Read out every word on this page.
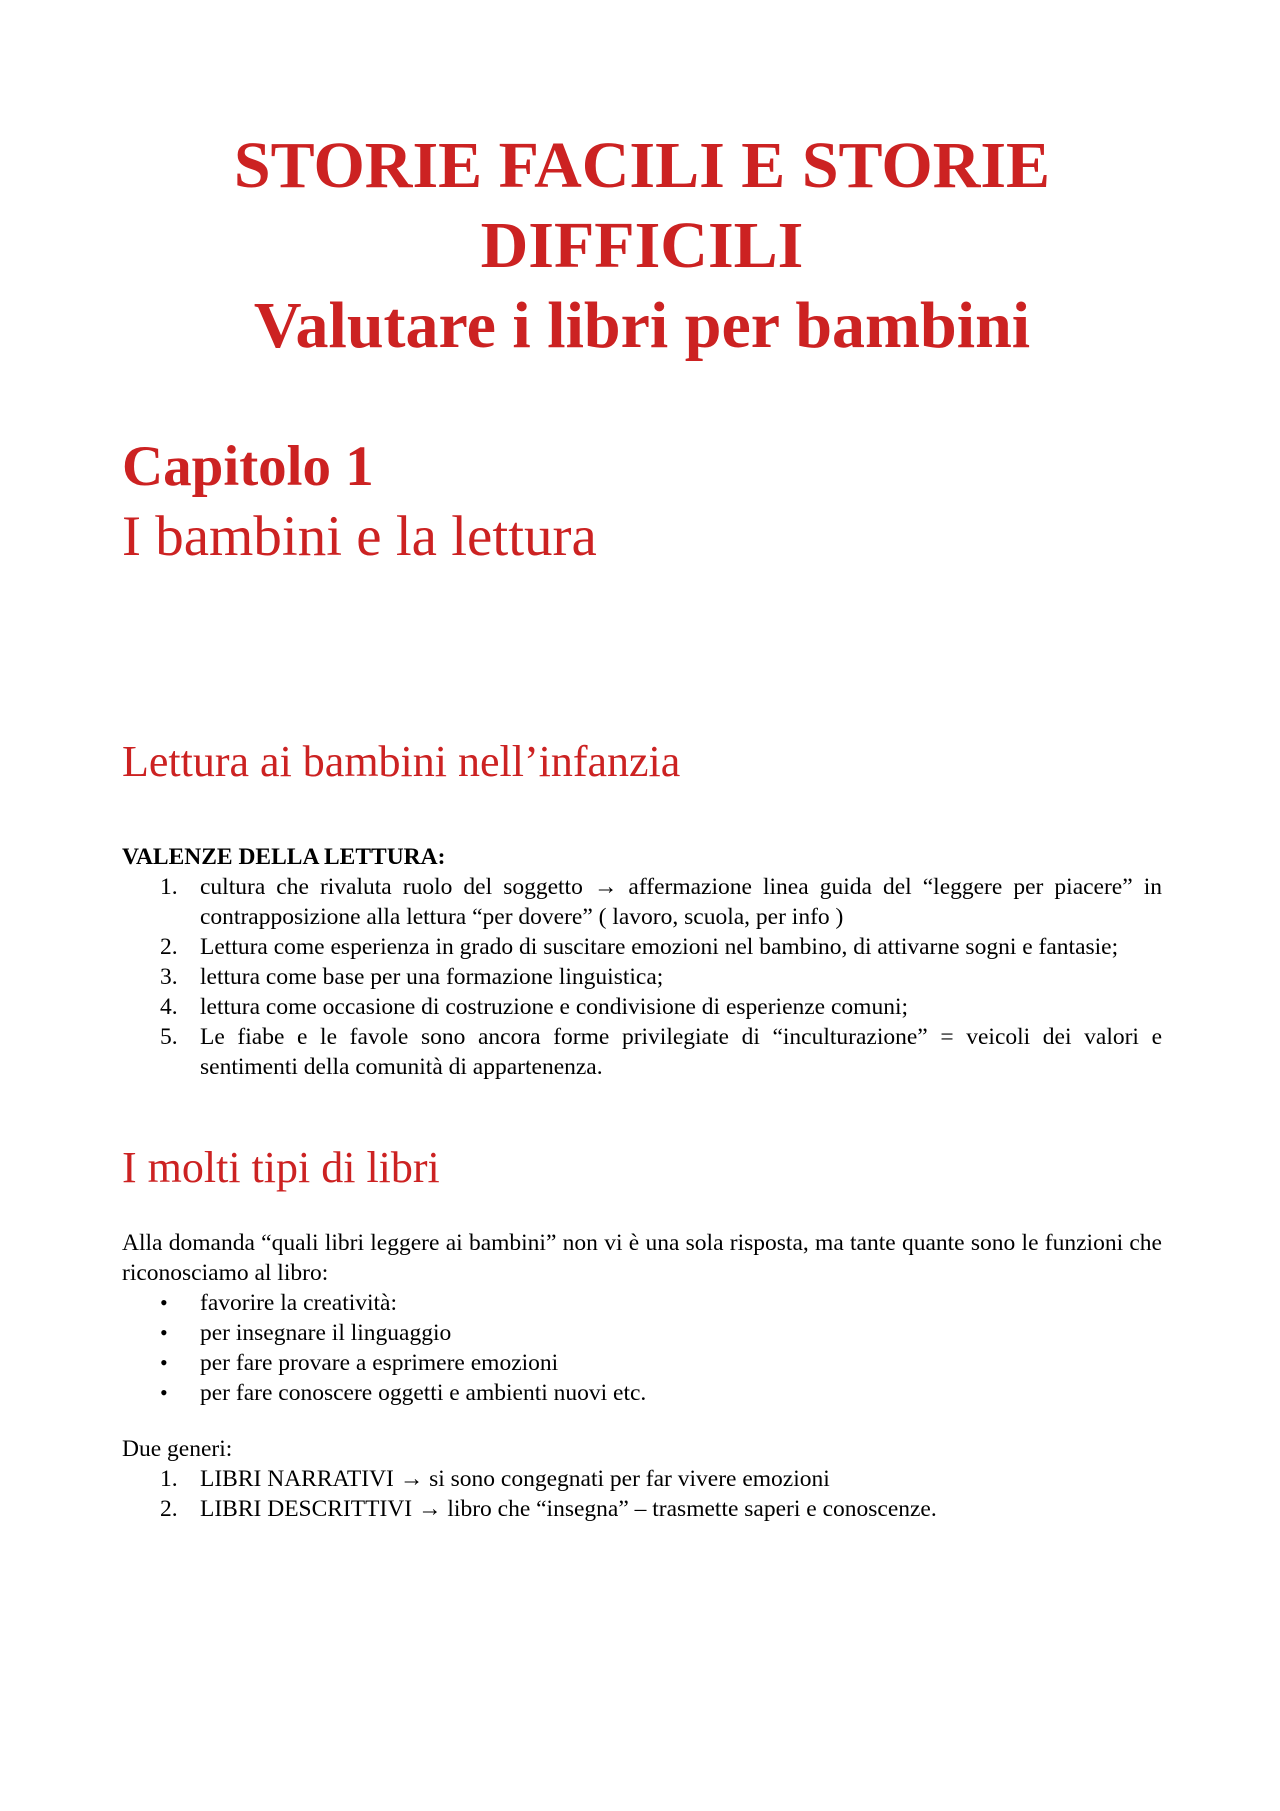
STORIE FACILI E STORIE
DIFFICILI
Valutare i libri per bambini
Capitolo 1
I bambini e la lettura
Lettura ai bambini nell’infanzia
VALENZE DELLA LETTURA:
1. cultura che rivaluta ruolo del soggetto → affermazione linea guida del “leggere per piacere” in contrapposizione alla lettura “per dovere” ( lavoro, scuola, per info )
2. Lettura come esperienza in grado di suscitare emozioni nel bambino, di attivarne sogni e fantasie;
3. lettura come base per una formazione linguistica;
4. lettura come occasione di costruzione e condivisione di esperienze comuni;
5. Le fiabe e le favole sono ancora forme privilegiate di “inculturazione” = veicoli dei valori e sentimenti della comunità di appartenenza.
I molti tipi di libri
Alla domanda “quali libri leggere ai bambini” non vi è una sola risposta, ma tante quante sono le funzioni che riconosciamo al libro:
• favorire la creatività:
• per insegnare il linguaggio
• per fare provare a esprimere emozioni
• per fare conoscere oggetti e ambienti nuovi etc.
Due generi:
1. LIBRI NARRATIVI → si sono congegnati per far vivere emozioni
2. LIBRI DESCRITTIVI → libro che “insegna” – trasmette saperi e conoscenze.
